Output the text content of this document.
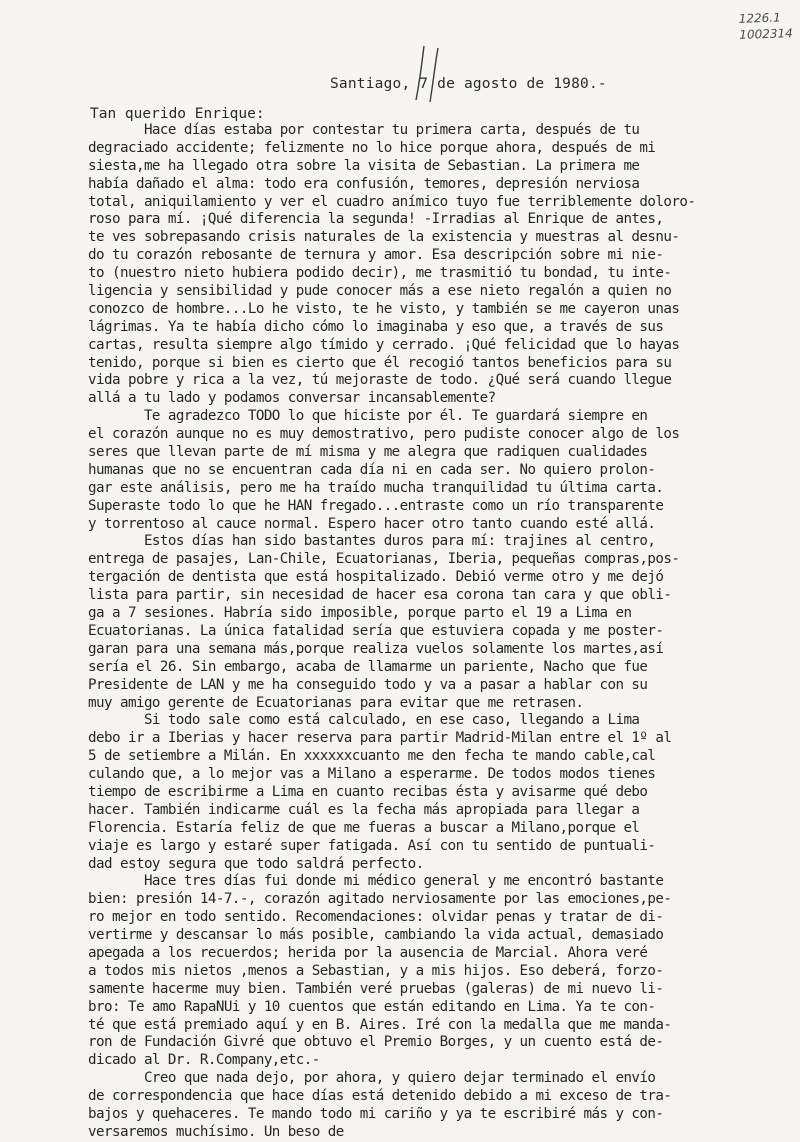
1226.1
1002314
Santiago, 7 de agosto de 1980.-
Tan querido Enrique:
Hace días estaba por contestar tu primera carta, después de tu
degraciado accidente; felizmente no lo hice porque ahora, después de mi
siesta,me ha llegado otra sobre la visita de Sebastian. La primera me
había dañado el alma: todo era confusión, temores, depresión nerviosa
total, aniquilamiento y ver el cuadro anímico tuyo fue terriblemente doloro-
roso para mí. ¡Qué diferencia la segunda! -Irradias al Enrique de antes,
te ves sobrepasando crisis naturales de la existencia y muestras al desnu-
do tu corazón rebosante de ternura y amor. Esa descripción sobre mi nie-
to (nuestro nieto hubiera podido decir), me trasmitió tu bondad, tu inte-
ligencia y sensibilidad y pude conocer más a ese nieto regalón a quien no
conozco de hombre...Lo he visto, te he visto, y también se me cayeron unas
lágrimas. Ya te había dicho cómo lo imaginaba y eso que, a través de sus
cartas, resulta siempre algo tímido y cerrado. ¡Qué felicidad que lo hayas
tenido, porque si bien es cierto que él recogió tantos beneficios para su
vida pobre y rica a la vez, tú mejoraste de todo. ¿Qué será cuando llegue
allá a tu lado y podamos conversar incansablemente?
Te agradezco TODO lo que hiciste por él. Te guardará siempre en
el corazón aunque no es muy demostrativo, pero pudiste conocer algo de los
seres que llevan parte de mí misma y me alegra que radiquen cualidades
humanas que no se encuentran cada día ni en cada ser. No quiero prolon-
gar este análisis, pero me ha traído mucha tranquilidad tu última carta.
Superaste todo lo que he HAN fregado...entraste como un río transparente
y torrentoso al cauce normal. Espero hacer otro tanto cuando esté allá.
Estos días han sido bastantes duros para mí: trajines al centro,
entrega de pasajes, Lan-Chile, Ecuatorianas, Iberia, pequeñas compras,pos-
tergación de dentista que está hospitalizado. Debió verme otro y me dejó
lista para partir, sin necesidad de hacer esa corona tan cara y que obli-
ga a 7 sesiones. Habría sido imposible, porque parto el 19 a Lima en
Ecuatorianas. La única fatalidad sería que estuviera copada y me poster-
garan para una semana más,porque realiza vuelos solamente los martes,así
sería el 26. Sin embargo, acaba de llamarme un pariente, Nacho que fue
Presidente de LAN y me ha conseguido todo y va a pasar a hablar con su
muy amigo gerente de Ecuatorianas para evitar que me retrasen.
Si todo sale como está calculado, en ese caso, llegando a Lima
debo ir a Iberias y hacer reserva para partir Madrid-Milan entre el 1º al
5 de setiembre a Milán. En xxxxxxcuanto me den fecha te mando cable,cal
culando que, a lo mejor vas a Milano a esperarme. De todos modos tienes
tiempo de escribirme a Lima en cuanto recibas ésta y avisarme qué debo
hacer. También indicarme cuál es la fecha más apropiada para llegar a
Florencia. Estaría feliz de que me fueras a buscar a Milano,porque el
viaje es largo y estaré super fatigada. Así con tu sentido de puntuali-
dad estoy segura que todo saldrá perfecto.
Hace tres días fui donde mi médico general y me encontró bastante
bien: presión 14-7.-, corazón agitado nerviosamente por las emociones,pe-
ro mejor en todo sentido. Recomendaciones: olvidar penas y tratar de di-
vertirme y descansar lo más posible, cambiando la vida actual, demasiado
apegada a los recuerdos; herida por la ausencia de Marcial. Ahora veré
a todos mis nietos ,menos a Sebastian, y a mis hijos. Eso deberá, forzo-
samente hacerme muy bien. También veré pruebas (galeras) de mi nuevo li-
bro: Te amo RapaNUi y 10 cuentos que están editando en Lima. Ya te con-
té que está premiado aquí y en B. Aires. Iré con la medalla que me manda-
ron de Fundación Givré que obtuvo el Premio Borges, y un cuento está de-
dicado al Dr. R.Company,etc.-
Creo que nada dejo, por ahora, y quiero dejar terminado el envío
de correspondencia que hace días está detenido debido a mi exceso de tra-
bajos y quehaceres. Te mando todo mi cariño y ya te escribiré más y con-
versaremos muchísimo. Un beso de
